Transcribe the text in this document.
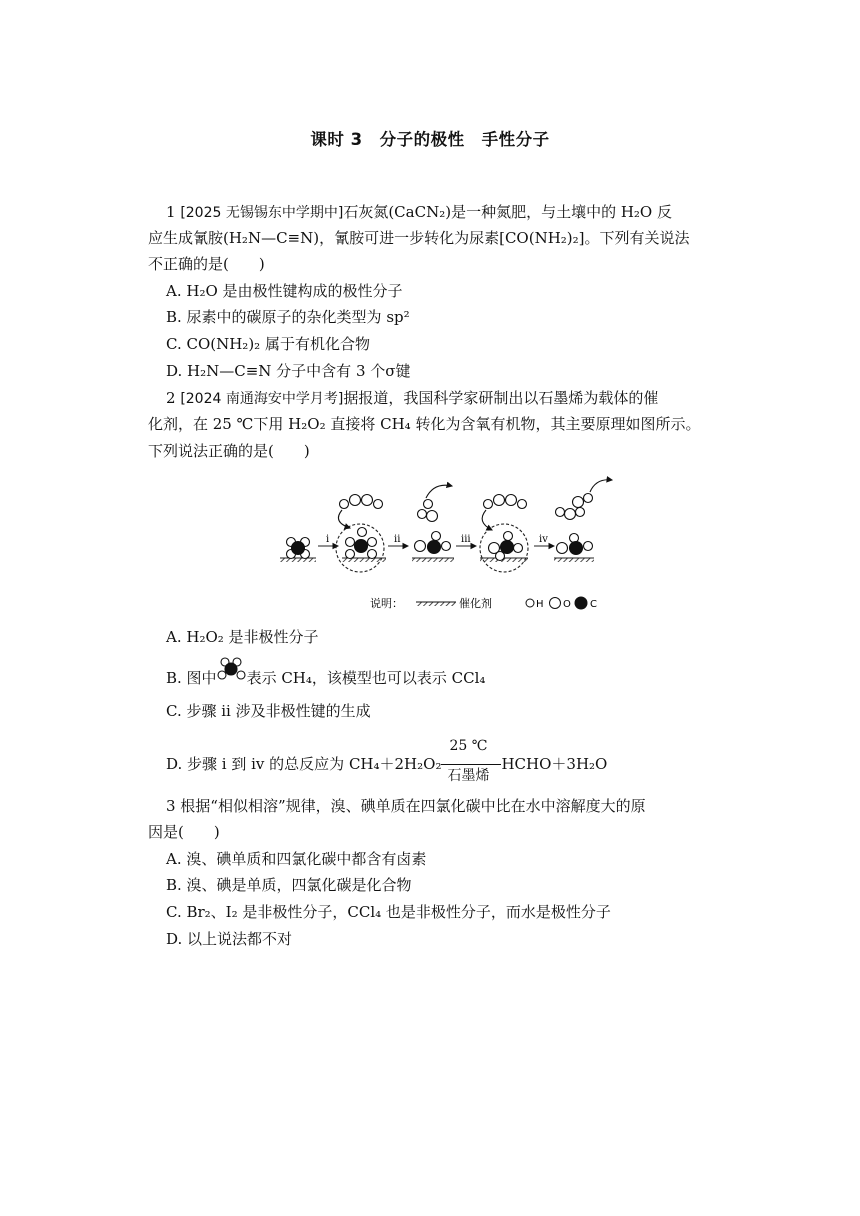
课时 3　分子的极性　手性分子
1 [2025 无锡锡东中学期中]石灰氮(CaCN₂)是一种氮肥，与土壤中的 H₂O 反
应生成氰胺(H₂N—C≡N)，氰胺可进一步转化为尿素[CO(NH₂)₂]。下列有关说法
不正确的是(　　)
A. H₂O 是由极性键构成的极性分子
B. 尿素中的碳原子的杂化类型为 sp²
C. CO(NH₂)₂ 属于有机化合物
D. H₂N—C≡N 分子中含有 3 个σ键
2 [2024 南通海安中学月考]据报道，我国科学家研制出以石墨烯为载体的催
化剂，在 25 ℃下用 H₂O₂ 直接将 CH₄ 转化为含氧有机物，其主要原理如图所示。
下列说法正确的是(　　)
i	ii	iii	iv
说明：	催化剂	H O C
A. H₂O₂ 是非极性分子
B. 图中 表示 CH₄，该模型也可以表示 CCl₄
C. 步骤 ii 涉及非极性键的生成
D. 步骤 i 到 iv 的总反应为 CH₄＋2H₂O₂
25 ℃
石墨烯
HCHO＋3H₂O
3 根据“相似相溶”规律，溴、碘单质在四氯化碳中比在水中溶解度大的原
因是(　　)
A. 溴、碘单质和四氯化碳中都含有卤素
B. 溴、碘是单质，四氯化碳是化合物
C. Br₂、I₂ 是非极性分子，CCl₄ 也是非极性分子，而水是极性分子
D. 以上说法都不对
